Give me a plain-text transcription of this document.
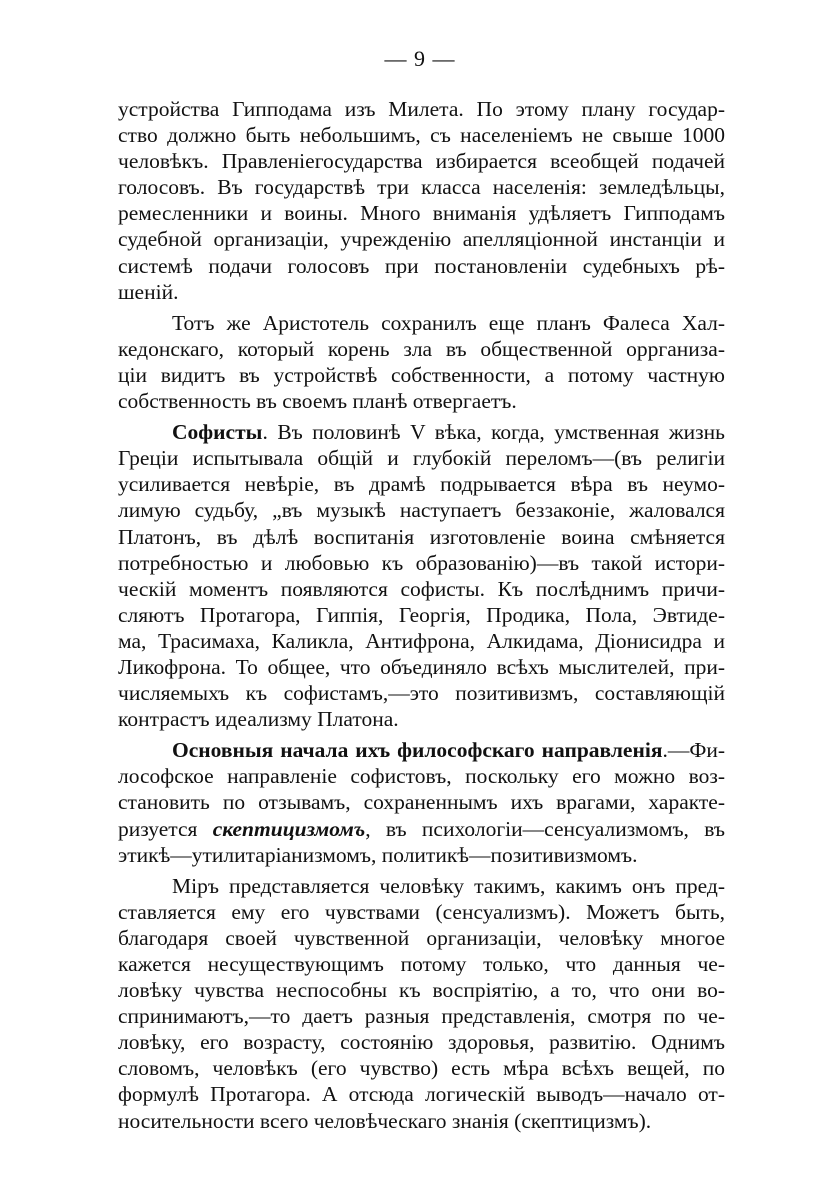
— 9 —
устройства Гипподама изъ Милета. По этому плану государ-
ство должно быть небольшимъ, съ населеніемъ не свыше 1000
человѣкъ. Правленіегосударства избирается всеобщей подачей
голосовъ. Въ государствѣ три класса населенія: земледѣльцы,
ремесленники и воины. Много вниманія удѣляетъ Гипподамъ
судебной организаціи, учрежденію апелляціонной инстанціи и
системѣ подачи голосовъ при постановленіи судебныхъ рѣ-
шеній.
Тотъ же Аристотель сохранилъ еще планъ Фалеса Хал-
кедонскаго, который корень зла въ общественной оррганиза-
ціи видитъ въ устройствѣ собственности, а потому частную
собственность въ своемъ планѣ отвергаетъ.
Софисты. Въ половинѣ V вѣка, когда, умственная жизнь
Греціи испытывала общій и глубокій переломъ—(въ религіи
усиливается невѣріе, въ драмѣ подрывается вѣра въ неумо-
лимую судьбу, „въ музыкѣ наступаетъ беззаконіе, жаловался
Платонъ, въ дѣлѣ воспитанія изготовленіе воина смѣняется
потребностью и любовью къ образованію)—въ такой истори-
ческій моментъ появляются софисты. Къ послѣднимъ причи-
сляютъ Протагора, Гиппія, Георгія, Продика, Пола, Эвтиде-
ма, Трасимаха, Каликла, Антифрона, Алкидама, Діонисидра и
Ликофрона. То общее, что объединяло всѣхъ мыслителей, при-
числяемыхъ къ софистамъ,—это позитивизмъ, составляющій
контрастъ идеализму Платона.
Основныя начала ихъ философскаго направленія.—Фи-
лософское направленіе софистовъ, поскольку его можно воз-
становить по отзывамъ, сохраненнымъ ихъ врагами, характе-
ризуется скептицизмомъ, въ психологіи—сенсуализмомъ, въ
этикѣ—утилитаріанизмомъ, политикѣ—позитивизмомъ.
Міръ представляется человѣку такимъ, какимъ онъ пред-
ставляется ему его чувствами (сенсуализмъ). Можетъ быть,
благодаря своей чувственной организаціи, человѣку многое
кажется несуществующимъ потому только, что данныя че-
ловѣку чувства неспособны къ воспріятію, а то, что они во-
спринимаютъ,—то даетъ разныя представленія, смотря по че-
ловѣку, его возрасту, состоянію здоровья, развитію. Однимъ
словомъ, человѣкъ (его чувство) есть мѣра всѣхъ вещей, по
формулѣ Протагора. А отсюда логическій выводъ—начало от-
носительности всего человѣческаго знанія (скептицизмъ).
